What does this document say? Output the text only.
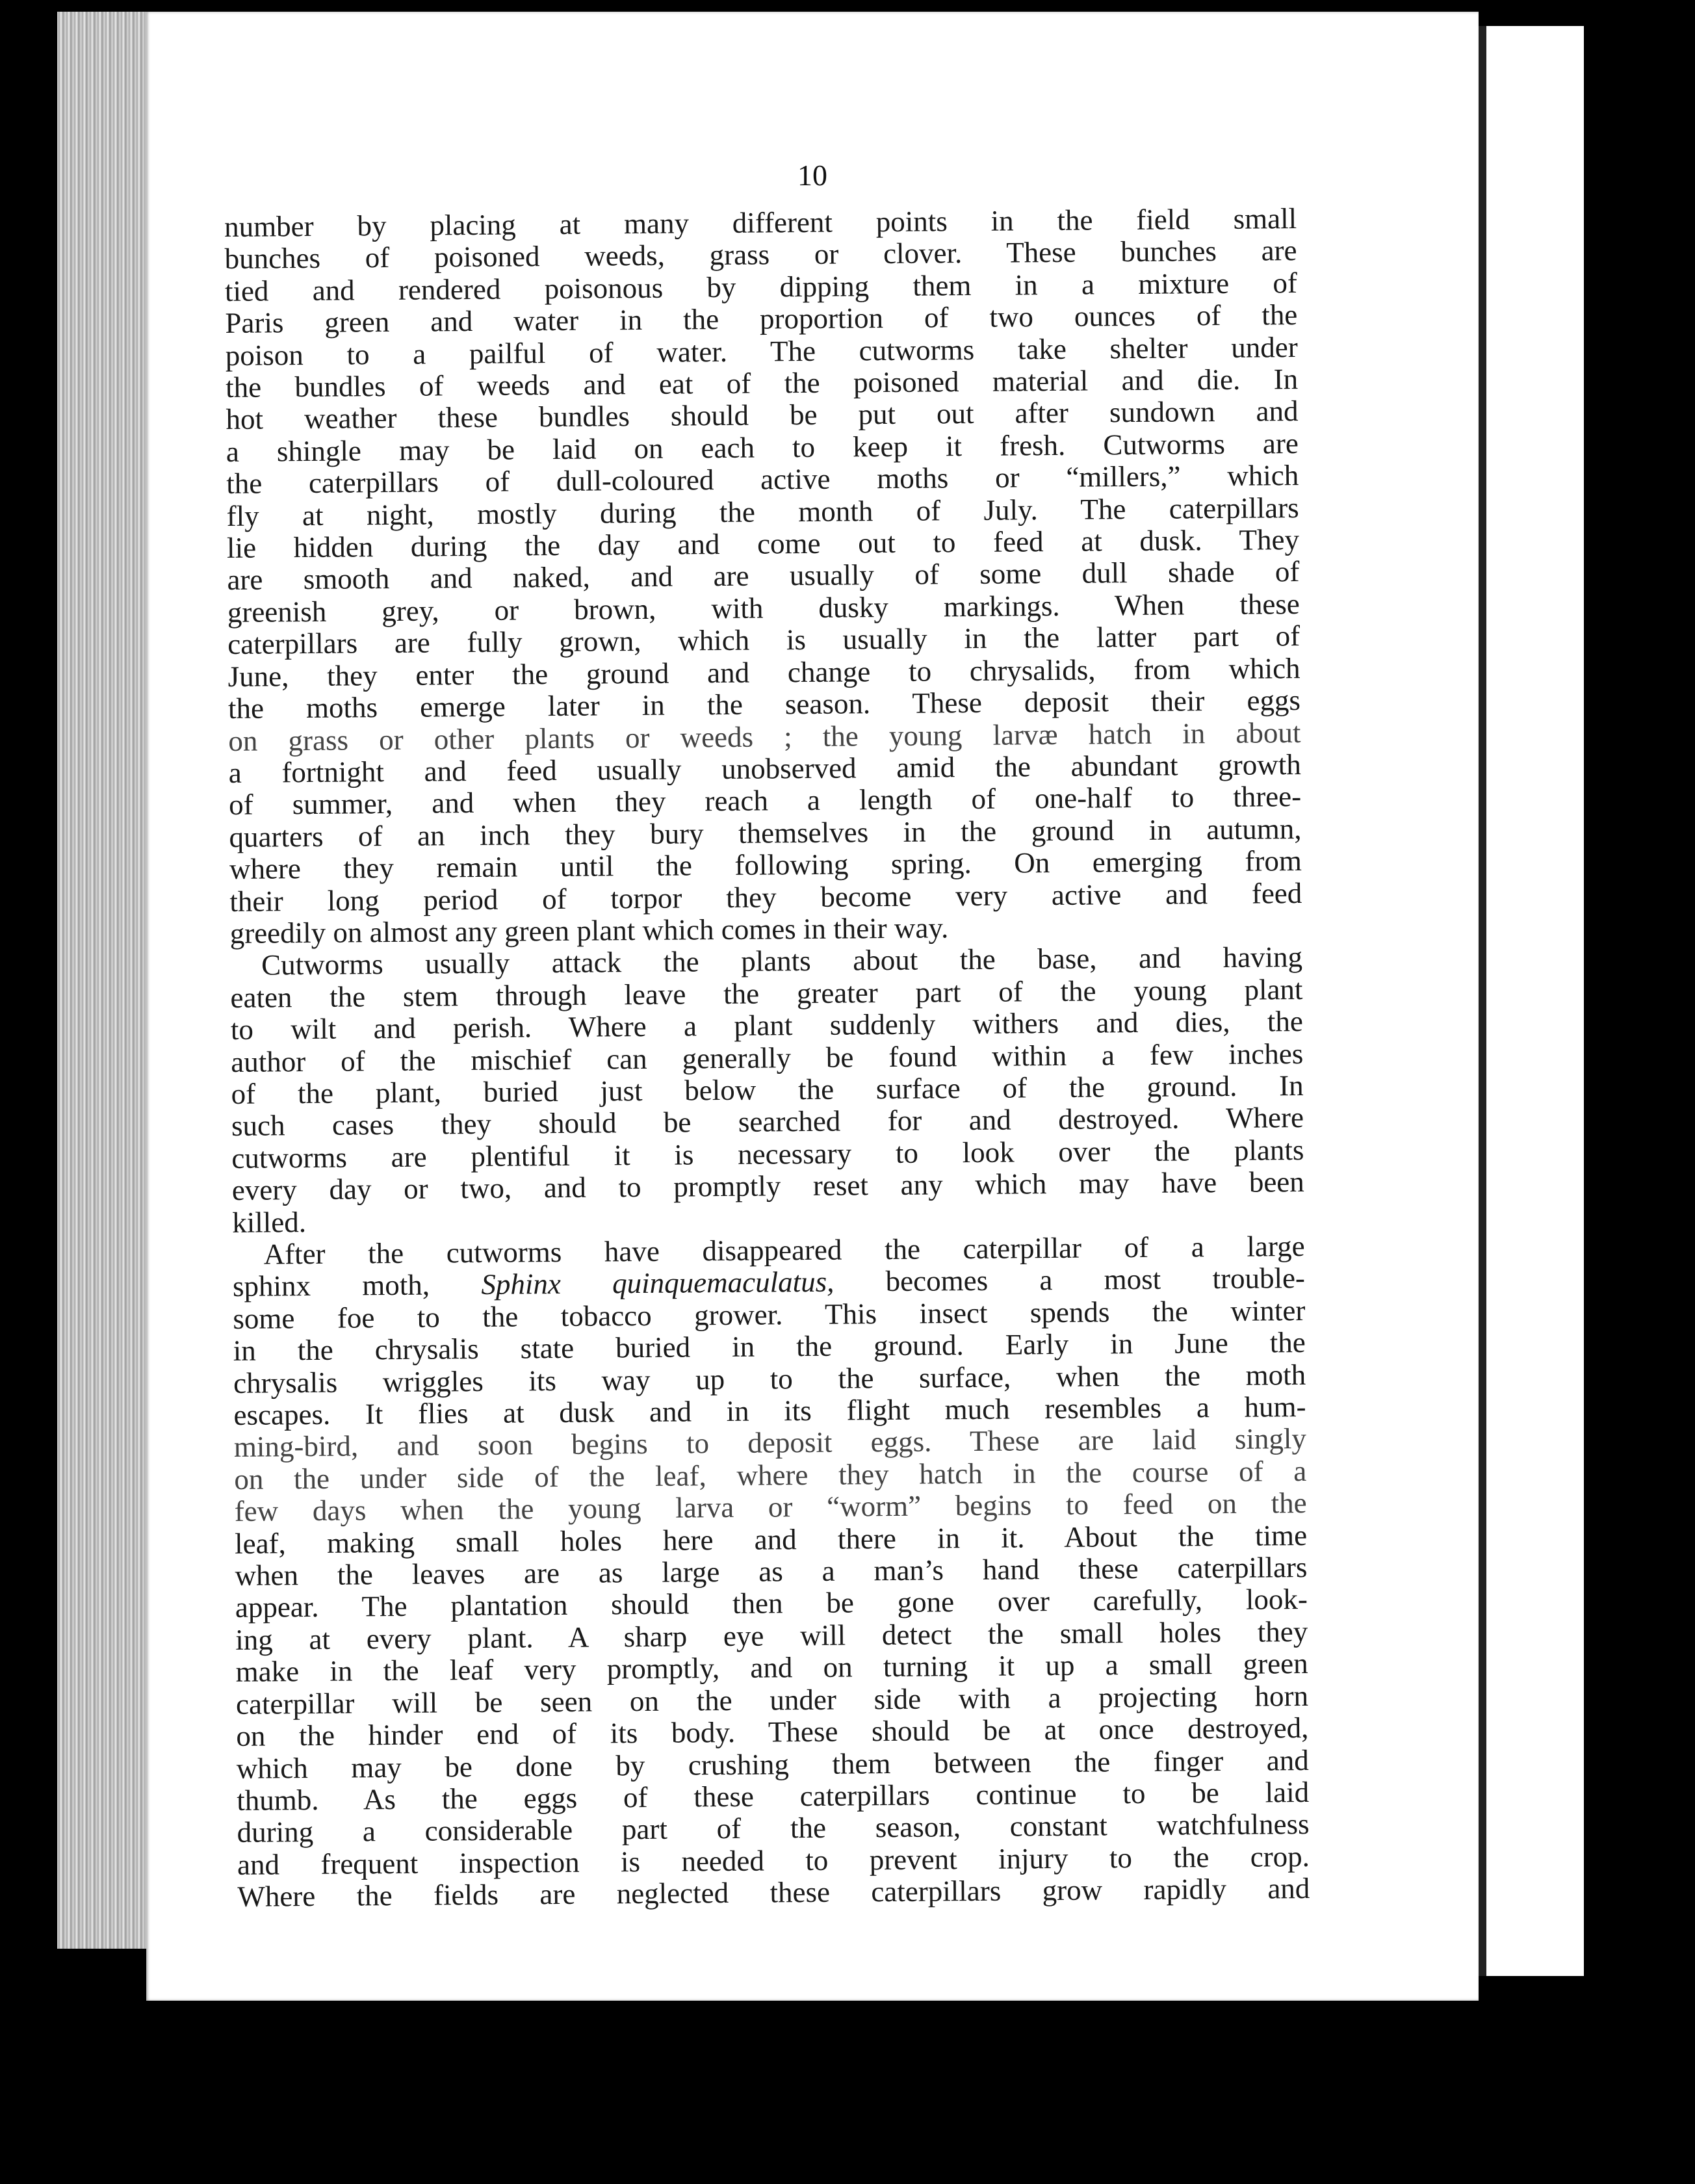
10
number by placing at many different points in the field small
bunches of poisoned weeds, grass or clover. These bunches are
tied and rendered poisonous by dipping them in a mixture of
Paris green and water in the proportion of two ounces of the
poison to a pailful of water. The cutworms take shelter under
the bundles of weeds and eat of the poisoned material and die. In
hot weather these bundles should be put out after sundown and
a shingle may be laid on each to keep it fresh. Cutworms are
the caterpillars of dull-coloured active moths or “millers,” which
fly at night, mostly during the month of July. The caterpillars
lie hidden during the day and come out to feed at dusk. They
are smooth and naked, and are usually of some dull shade of
greenish grey, or brown, with dusky markings. When these
caterpillars are fully grown, which is usually in the latter part of
June, they enter the ground and change to chrysalids, from which
the moths emerge later in the season. These deposit their eggs
on grass or other plants or weeds ; the young larvæ hatch in about
a fortnight and feed usually unobserved amid the abundant growth
of summer, and when they reach a length of one-half to three-
quarters of an inch they bury themselves in the ground in autumn,
where they remain until the following spring. On emerging from
their long period of torpor they become very active and feed
greedily on almost any green plant which comes in their way.
Cutworms usually attack the plants about the base, and having
eaten the stem through leave the greater part of the young plant
to wilt and perish. Where a plant suddenly withers and dies, the
author of the mischief can generally be found within a few inches
of the plant, buried just below the surface of the ground. In
such cases they should be searched for and destroyed. Where
cutworms are plentiful it is necessary to look over the plants
every day or two, and to promptly reset any which may have been
killed.
After the cutworms have disappeared the caterpillar of a large
sphinx moth, Sphinx quinquemaculatus, becomes a most trouble-
some foe to the tobacco grower. This insect spends the winter
in the chrysalis state buried in the ground. Early in June the
chrysalis wriggles its way up to the surface, when the moth
escapes. It flies at dusk and in its flight much resembles a hum-
ming-bird, and soon begins to deposit eggs. These are laid singly
on the under side of the leaf, where they hatch in the course of a
few days when the young larva or “worm” begins to feed on the
leaf, making small holes here and there in it. About the time
when the leaves are as large as a man’s hand these caterpillars
appear. The plantation should then be gone over carefully, look-
ing at every plant. A sharp eye will detect the small holes they
make in the leaf very promptly, and on turning it up a small green
caterpillar will be seen on the under side with a projecting horn
on the hinder end of its body. These should be at once destroyed,
which may be done by crushing them between the finger and
thumb. As the eggs of these caterpillars continue to be laid
during a considerable part of the season, constant watchfulness
and frequent inspection is needed to prevent injury to the crop.
Where the fields are neglected these caterpillars grow rapidly and
